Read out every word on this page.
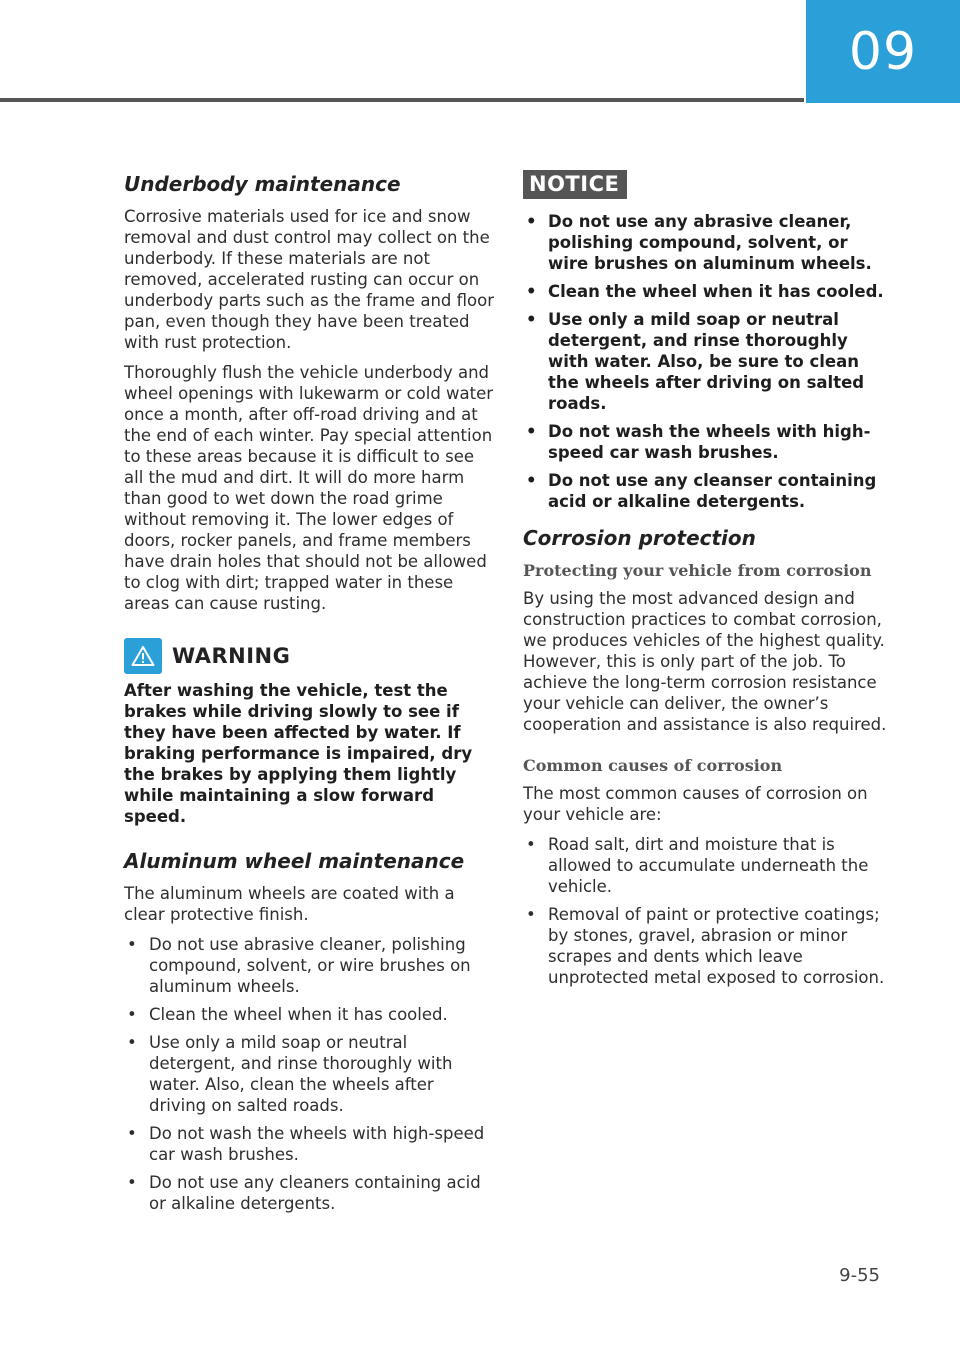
09
Underbody maintenance

Corrosive materials used for ice and snow removal and dust control may collect on the underbody. If these materials are not removed, accelerated rusting can occur on underbody parts such as the frame and floor pan, even though they have been treated with rust protection.

Thoroughly flush the vehicle underbody and wheel openings with lukewarm or cold water once a month, after off-road driving and at the end of each winter. Pay special attention to these areas because it is difficult to see all the mud and dirt. It will do more harm than good to wet down the road grime without removing it. The lower edges of doors, rocker panels, and frame members have drain holes that should not be allowed to clog with dirt; trapped water in these areas can cause rusting.

WARNING

After washing the vehicle, test the brakes while driving slowly to see if they have been affected by water. If braking performance is impaired, dry the brakes by applying them lightly while maintaining a slow forward speed.

Aluminum wheel maintenance

The aluminum wheels are coated with a clear protective finish.

• Do not use abrasive cleaner, polishing compound, solvent, or wire brushes on aluminum wheels.
• Clean the wheel when it has cooled.
• Use only a mild soap or neutral detergent, and rinse thoroughly with water. Also, clean the wheels after driving on salted roads.
• Do not wash the wheels with high-speed car wash brushes.
• Do not use any cleaners containing acid or alkaline detergents.
NOTICE
• Do not use any abrasive cleaner, polishing compound, solvent, or wire brushes on aluminum wheels.
• Clean the wheel when it has cooled.
• Use only a mild soap or neutral detergent, and rinse thoroughly with water. Also, be sure to clean the wheels after driving on salted roads.
• Do not wash the wheels with high-speed car wash brushes.
• Do not use any cleanser containing acid or alkaline detergents.
Corrosion protection
Protecting your vehicle from corrosion

By using the most advanced design and construction practices to combat corrosion, we produces vehicles of the highest quality. However, this is only part of the job. To achieve the long-term corrosion resistance your vehicle can deliver, the owner’s cooperation and assistance is also required.

Common causes of corrosion

The most common causes of corrosion on your vehicle are:

• Road salt, dirt and moisture that is allowed to accumulate underneath the vehicle.
• Removal of paint or protective coatings; by stones, gravel, abrasion or minor scrapes and dents which leave unprotected metal exposed to corrosion.
9-55
